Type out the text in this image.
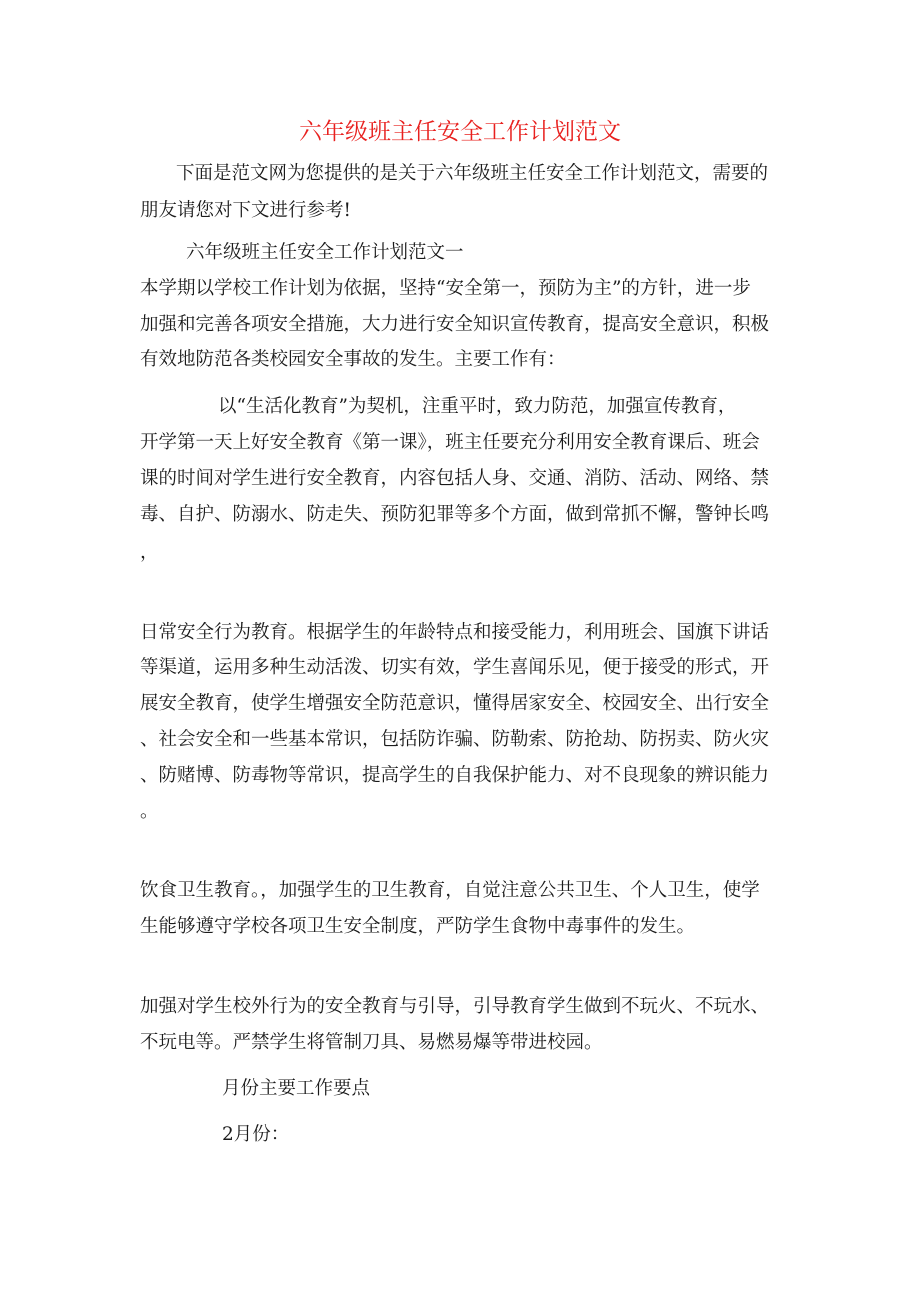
六年级班主任安全工作计划范文
下面是范文网为您提供的是关于六年级班主任安全工作计划范文，需要的
朋友请您对下文进行参考!
六年级班主任安全工作计划范文一
本学期以学校工作计划为依据，坚持“安全第一，预防为主”的方针，进一步
加强和完善各项安全措施，大力进行安全知识宣传教育，提高安全意识，积极
有效地防范各类校园安全事故的发生。主要工作有：
以“生活化教育”为契机，注重平时，致力防范，加强宣传教育，
开学第一天上好安全教育《第一课》，班主任要充分利用安全教育课后、班会
课的时间对学生进行安全教育，内容包括人身、交通、消防、活动、网络、禁
毒、自护、防溺水、防走失、预防犯罪等多个方面，做到常抓不懈，警钟长鸣
，
日常安全行为教育。根据学生的年龄特点和接受能力，利用班会、国旗下讲话
等渠道，运用多种生动活泼、切实有效，学生喜闻乐见，便于接受的形式，开
展安全教育，使学生增强安全防范意识，懂得居家安全、校园安全、出行安全
、社会安全和一些基本常识，包括防诈骗、防勒索、防抢劫、防拐卖、防火灾
、防赌博、防毒物等常识，提高学生的自我保护能力、对不良现象的辨识能力
。
饮食卫生教育。，加强学生的卫生教育，自觉注意公共卫生、个人卫生，使学
生能够遵守学校各项卫生安全制度，严防学生食物中毒事件的发生。
加强对学生校外行为的安全教育与引导，引导教育学生做到不玩火、不玩水、
不玩电等。严禁学生将管制刀具、易燃易爆等带进校园。
月份主要工作要点
2月份：
